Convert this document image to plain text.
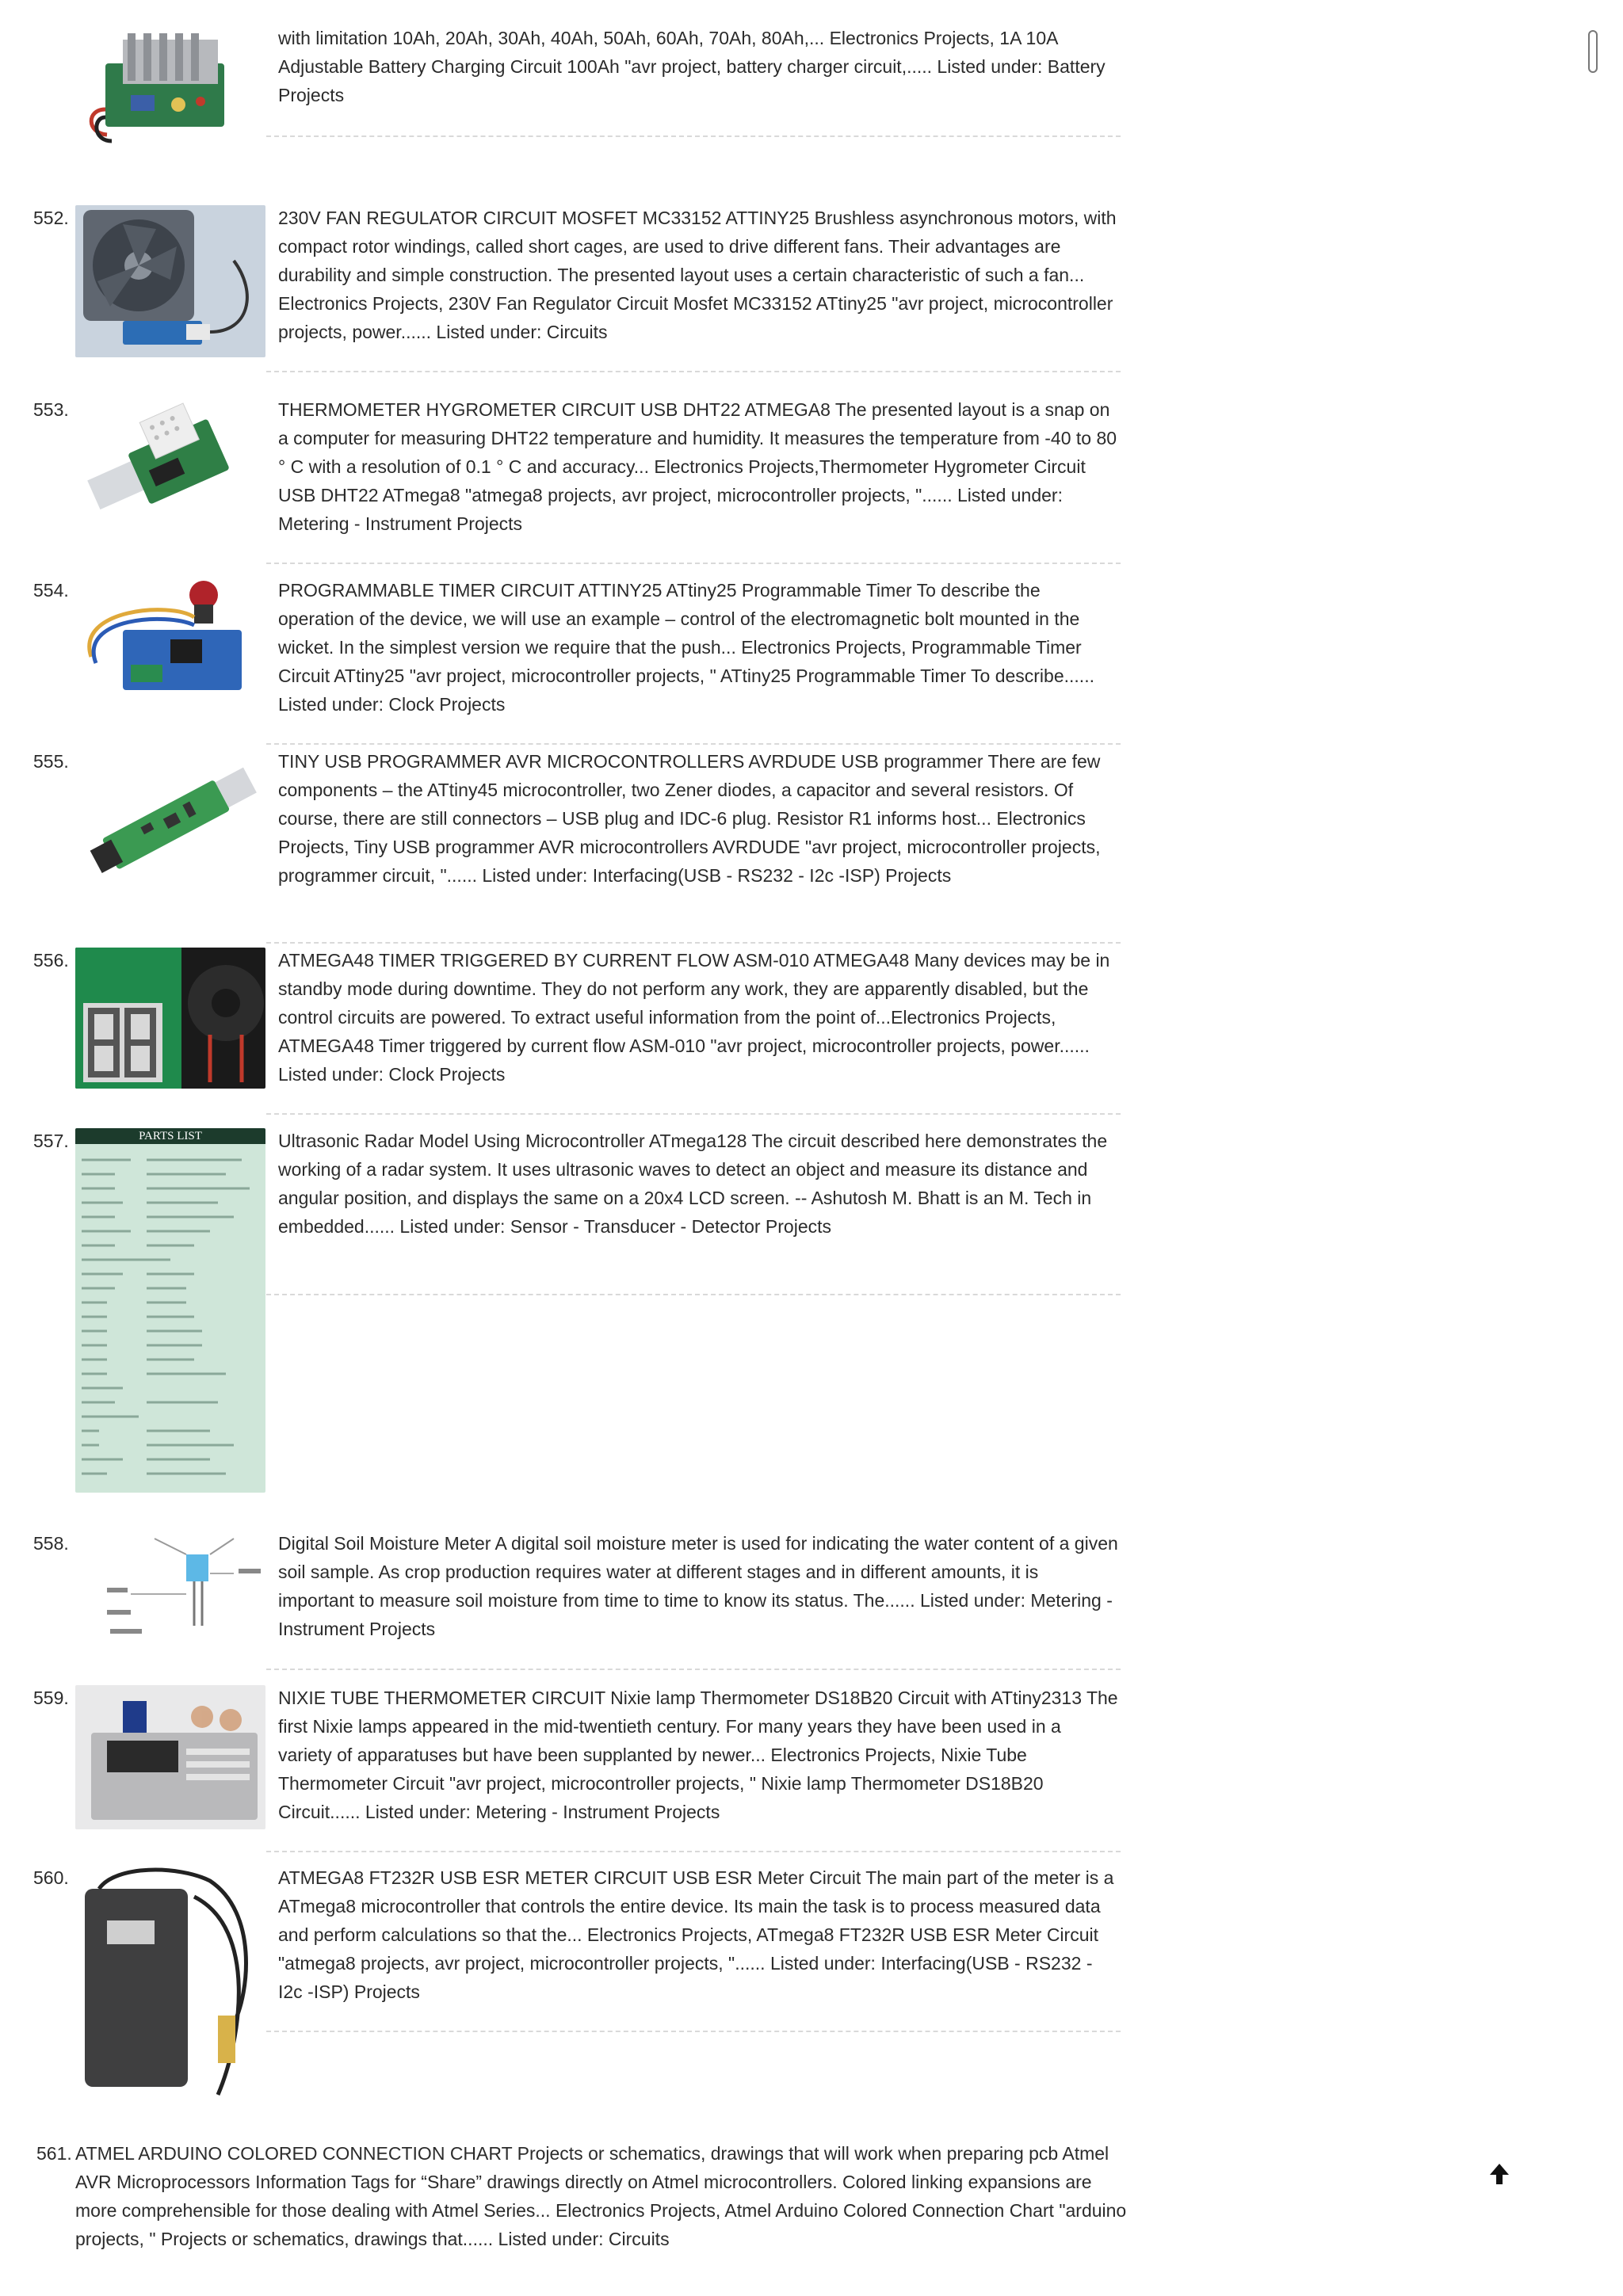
with limitation 10Ah, 20Ah, 30Ah, 40Ah, 50Ah, 60Ah, 70Ah, 80Ah,... Electronics Projects, 1A 10A Adjustable Battery Charging Circuit 100Ah "avr project, battery charger circuit,..... Listed under: Battery Projects
552.	230V FAN REGULATOR CIRCUIT MOSFET MC33152 ATTINY25 Brushless asynchronous motors, with compact rotor windings, called short cages, are used to drive different fans. Their advantages are durability and simple construction. The presented layout uses a certain characteristic of such a fan... Electronics Projects, 230V Fan Regulator Circuit Mosfet MC33152 ATtiny25 "avr project, microcontroller projects, power...... Listed under: Circuits
553.	THERMOMETER HYGROMETER CIRCUIT USB DHT22 ATMEGA8 The presented layout is a snap on a computer for measuring DHT22 temperature and humidity. It measures the temperature from -40 to 80 ° C with a resolution of 0.1 ° C and accuracy... Electronics Projects,Thermometer Hygrometer Circuit USB DHT22 ATmega8 "atmega8 projects, avr project, microcontroller projects, "...... Listed under: Metering - Instrument Projects
554.	PROGRAMMABLE TIMER CIRCUIT ATTINY25 ATtiny25 Programmable Timer To describe the operation of the device, we will use an example – control of the electromagnetic bolt mounted in the wicket. In the simplest version we require that the push... Electronics Projects, Programmable Timer Circuit ATtiny25 "avr project, microcontroller projects, " ATtiny25 Programmable Timer To describe...... Listed under: Clock Projects
555.	TINY USB PROGRAMMER AVR MICROCONTROLLERS AVRDUDE USB programmer There are few components – the ATtiny45 microcontroller, two Zener diodes, a capacitor and several resistors. Of course, there are still connectors – USB plug and IDC-6 plug. Resistor R1 informs host... Electronics Projects, Tiny USB programmer AVR microcontrollers AVRDUDE "avr project, microcontroller projects, programmer circuit, "...... Listed under: Interfacing(USB - RS232 - I2c -ISP) Projects
556.	ATMEGA48 TIMER TRIGGERED BY CURRENT FLOW ASM-010 ATMEGA48 Many devices may be in standby mode during downtime. They do not perform any work, they are apparently disabled, but the control circuits are powered. To extract useful information from the point of...Electronics Projects, ATMEGA48 Timer triggered by current flow ASM-010 "avr project, microcontroller projects, power...... Listed under: Clock Projects
557.	PARTS LIST	Ultrasonic Radar Model Using Microcontroller ATmega128 The circuit described here demonstrates the working of a radar system. It uses ultrasonic waves to detect an object and measure its distance and angular position, and displays the same on a 20x4 LCD screen. -- Ashutosh M. Bhatt is an M. Tech in embedded...... Listed under: Sensor - Transducer - Detector Projects
558.	Digital Soil Moisture Meter A digital soil moisture meter is used for indicating the water content of a given soil sample. As crop production requires water at different stages and in different amounts, it is important to measure soil moisture from time to time to know its status. The...... Listed under: Metering - Instrument Projects
559.	NIXIE TUBE THERMOMETER CIRCUIT Nixie lamp Thermometer DS18B20 Circuit with ATtiny2313 The first Nixie lamps appeared in the mid-twentieth century. For many years they have been used in a variety of apparatuses but have been supplanted by newer... Electronics Projects, Nixie Tube Thermometer Circuit "avr project, microcontroller projects, " Nixie lamp Thermometer DS18B20 Circuit...... Listed under: Metering - Instrument Projects
560.	ATMEGA8 FT232R USB ESR METER CIRCUIT USB ESR Meter Circuit The main part of the meter is a ATmega8 microcontroller that controls the entire device. Its main the task is to process measured data and perform calculations so that the... Electronics Projects, ATmega8 FT232R USB ESR Meter Circuit "atmega8 projects, avr project, microcontroller projects, "...... Listed under: Interfacing(USB - RS232 - I2c -ISP) Projects
561. ATMEL ARDUINO COLORED CONNECTION CHART Projects or schematics, drawings that will work when preparing pcb Atmel AVR Microprocessors Information Tags for “Share” drawings directly on Atmel microcontrollers. Colored linking expansions are more comprehensible for those dealing with Atmel Series... Electronics Projects, Atmel Arduino Colored Connection Chart "arduino projects, " Projects or schematics, drawings that...... Listed under: Circuits
